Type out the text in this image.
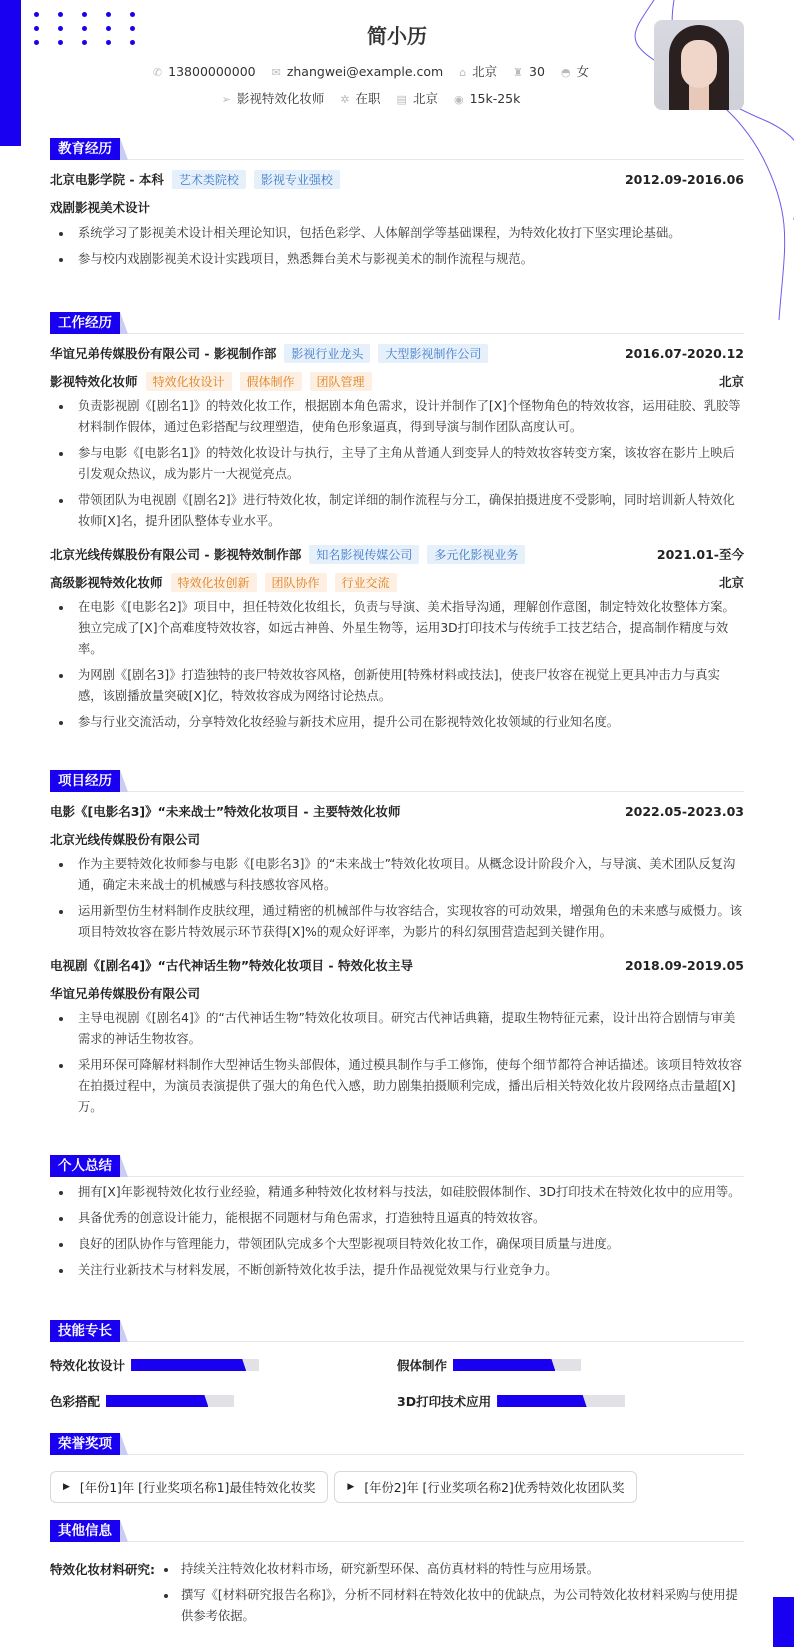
简小历
✆ 13800000000 ✉ zhangwei@example.com ⌂ 北京 ♜ 30 ◓ 女
➢ 影视特效化妆师 ✲ 在职 ▤ 北京 ◉ 15k-25k
教育经历
北京电影学院 - 本科	艺术类院校	影视专业强校	2012.09-2016.06
戏剧影视美术设计
系统学习了影视美术设计相关理论知识，包括色彩学、人体解剖学等基础课程，为特效化妆打下坚实理论基础。
参与校内戏剧影视美术设计实践项目，熟悉舞台美术与影视美术的制作流程与规范。
工作经历
华谊兄弟传媒股份有限公司 - 影视制作部	影视行业龙头	大型影视制作公司	2016.07-2020.12
影视特效化妆师	特效化妆设计	假体制作	团队管理	北京
负责影视剧《[剧名1]》的特效化妆工作，根据剧本角色需求，设计并制作了[X]个怪物角色的特效妆容，运用硅胶、乳胶等材料制作假体，通过色彩搭配与纹理塑造，使角色形象逼真，得到导演与制作团队高度认可。
参与电影《[电影名1]》的特效化妆设计与执行，主导了主角从普通人到变异人的特效妆容转变方案，该妆容在影片上映后引发观众热议，成为影片一大视觉亮点。
带领团队为电视剧《[剧名2]》进行特效化妆，制定详细的制作流程与分工，确保拍摄进度不受影响，同时培训新人特效化妆师[X]名，提升团队整体专业水平。
北京光线传媒股份有限公司 - 影视特效制作部	知名影视传媒公司	多元化影视业务	2021.01-至今
高级影视特效化妆师	特效化妆创新	团队协作	行业交流	北京
在电影《[电影名2]》项目中，担任特效化妆组长，负责与导演、美术指导沟通，理解创作意图，制定特效化妆整体方案。独立完成了[X]个高难度特效妆容，如远古神兽、外星生物等，运用3D打印技术与传统手工技艺结合，提高制作精度与效率。
为网剧《[剧名3]》打造独特的丧尸特效妆容风格，创新使用[特殊材料或技法]，使丧尸妆容在视觉上更具冲击力与真实感，该剧播放量突破[X]亿，特效妆容成为网络讨论热点。
参与行业交流活动，分享特效化妆经验与新技术应用，提升公司在影视特效化妆领域的行业知名度。
项目经历
电影《[电影名3]》“未来战士”特效化妆项目 - 主要特效化妆师	2022.05-2023.03
北京光线传媒股份有限公司
作为主要特效化妆师参与电影《[电影名3]》的“未来战士”特效化妆项目。从概念设计阶段介入，与导演、美术团队反复沟通，确定未来战士的机械感与科技感妆容风格。
运用新型仿生材料制作皮肤纹理，通过精密的机械部件与妆容结合，实现妆容的可动效果，增强角色的未来感与威慑力。该项目特效妆容在影片特效展示环节获得[X]%的观众好评率，为影片的科幻氛围营造起到关键作用。
电视剧《[剧名4]》“古代神话生物”特效化妆项目 - 特效化妆主导	2018.09-2019.05
华谊兄弟传媒股份有限公司
主导电视剧《[剧名4]》的“古代神话生物”特效化妆项目。研究古代神话典籍，提取生物特征元素，设计出符合剧情与审美需求的神话生物妆容。
采用环保可降解材料制作大型神话生物头部假体，通过模具制作与手工修饰，使每个细节都符合神话描述。该项目特效妆容在拍摄过程中，为演员表演提供了强大的角色代入感，助力剧集拍摄顺利完成，播出后相关特效化妆片段网络点击量超[X]万。
个人总结
拥有[X]年影视特效化妆行业经验，精通多种特效化妆材料与技法，如硅胶假体制作、3D打印技术在特效化妆中的应用等。
具备优秀的创意设计能力，能根据不同题材与角色需求，打造独特且逼真的特效妆容。
良好的团队协作与管理能力，带领团队完成多个大型影视项目特效化妆工作，确保项目质量与进度。
关注行业新技术与材料发展，不断创新特效化妆手法，提升作品视觉效果与行业竞争力。
技能专长
特效化妆设计	假体制作
色彩搭配	3D打印技术应用
荣誉奖项
▶ [年份1]年 [行业奖项名称1]最佳特效化妆奖	▶ [年份2]年 [行业奖项名称2]优秀特效化妆团队奖
其他信息
特效化妆材料研究:	持续关注特效化妆材料市场，研究新型环保、高仿真材料的特性与应用场景。
撰写《[材料研究报告名称]》，分析不同材料在特效化妆中的优缺点，为公司特效化妆材料采购与使用提供参考依据。
